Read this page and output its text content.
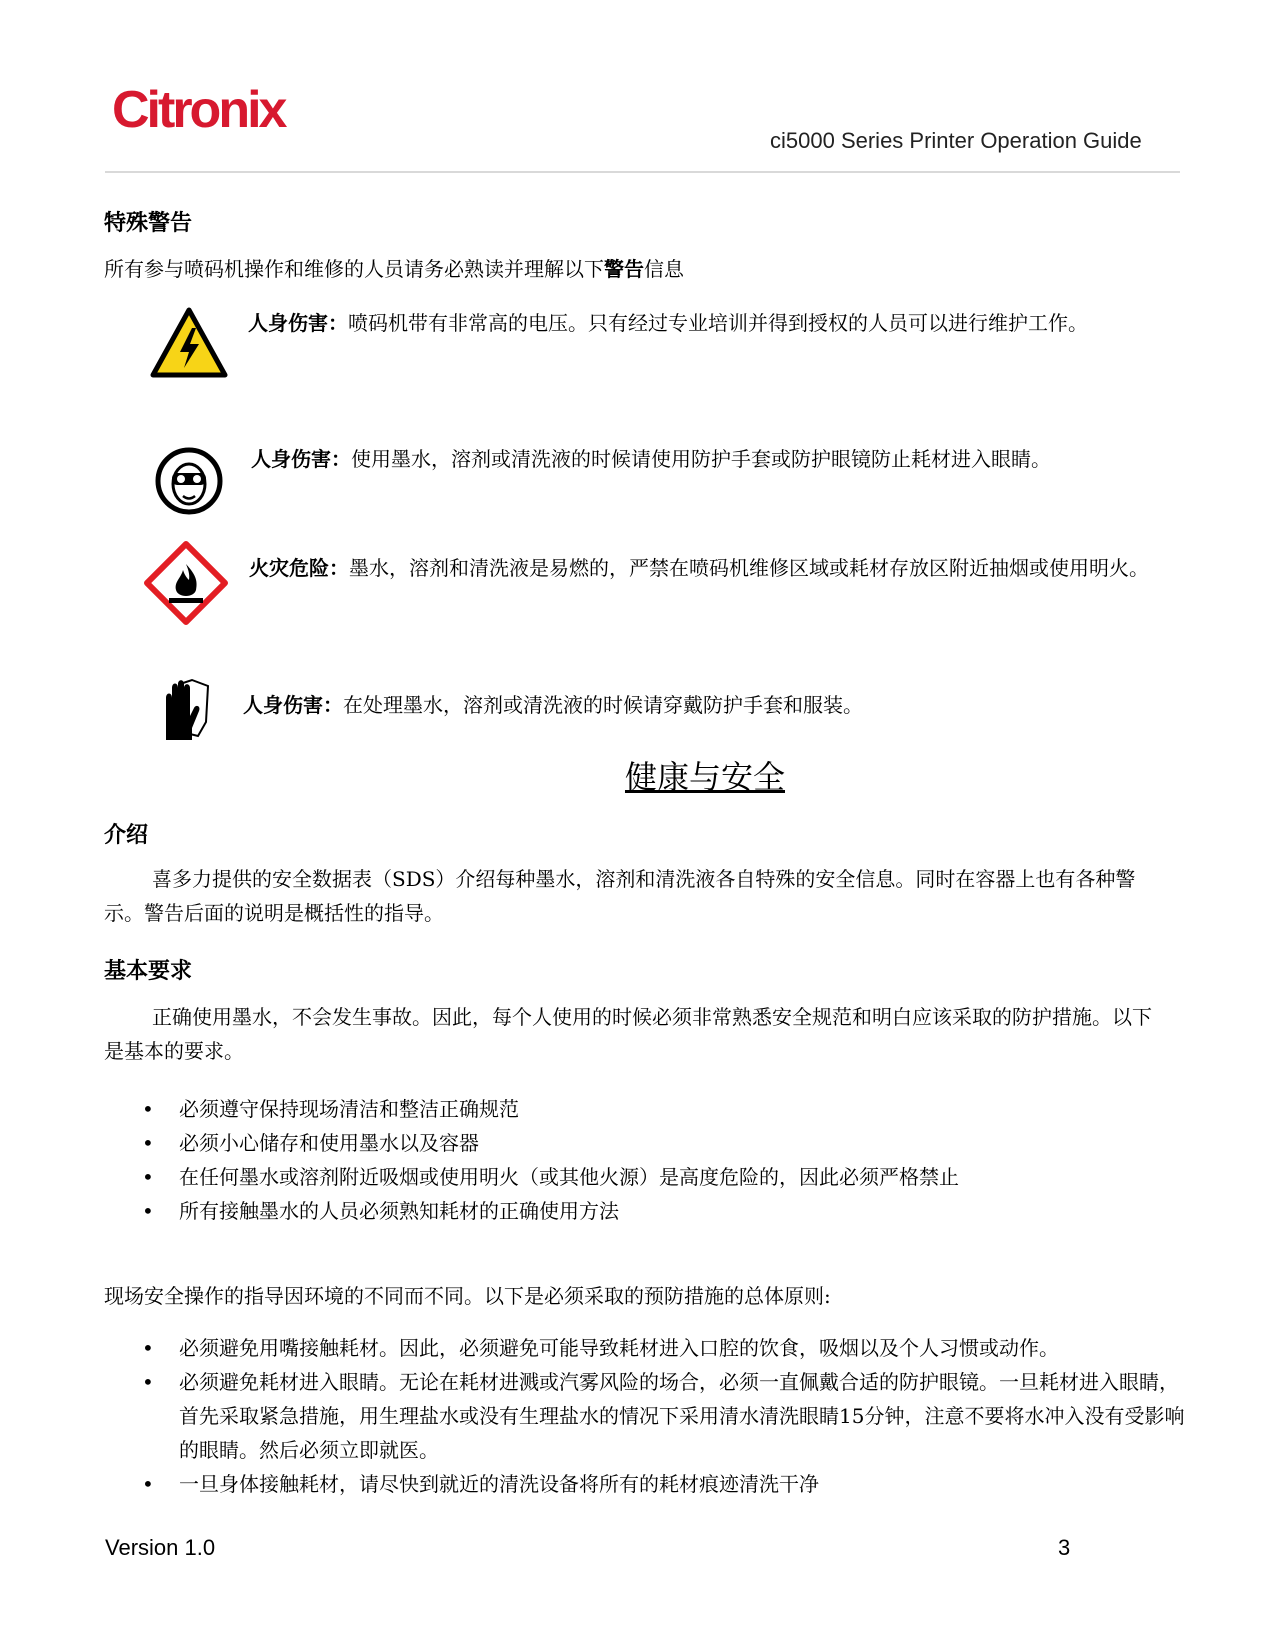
Citronix
ci5000 Series Printer Operation Guide
特殊警告
所有参与喷码机操作和维修的人员请务必熟读并理解以下警告信息
人身伤害：喷码机带有非常高的电压。只有经过专业培训并得到授权的人员可以进行维护工作。
人身伤害：使用墨水，溶剂或清洗液的时候请使用防护手套或防护眼镜防止耗材进入眼睛。
火灾危险：墨水，溶剂和清洗液是易燃的，严禁在喷码机维修区域或耗材存放区附近抽烟或使用明火。
人身伤害：在处理墨水，溶剂或清洗液的时候请穿戴防护手套和服装。
健康与安全
介绍
喜多力提供的安全数据表（SDS）介绍每种墨水，溶剂和清洗液各自特殊的安全信息。同时在容器上也有各种警示。警告后面的说明是概括性的指导。
基本要求
正确使用墨水，不会发生事故。因此，每个人使用的时候必须非常熟悉安全规范和明白应该采取的防护措施。以下是基本的要求。
• 必须遵守保持现场清洁和整洁正确规范
• 必须小心储存和使用墨水以及容器
• 在任何墨水或溶剂附近吸烟或使用明火（或其他火源）是高度危险的，因此必须严格禁止
• 所有接触墨水的人员必须熟知耗材的正确使用方法
现场安全操作的指导因环境的不同而不同。以下是必须采取的预防措施的总体原则:
• 必须避免用嘴接触耗材。因此，必须避免可能导致耗材进入口腔的饮食，吸烟以及个人习惯或动作。
• 必须避免耗材进入眼睛。无论在耗材进溅或汽雾风险的场合，必须一直佩戴合适的防护眼镜。一旦耗材进入眼睛，首先采取紧急措施，用生理盐水或没有生理盐水的情况下采用清水清洗眼睛15分钟，注意不要将水冲入没有受影响的眼睛。然后必须立即就医。
• 一旦身体接触耗材，请尽快到就近的清洗设备将所有的耗材痕迹清洗干净
Version 1.0	3
